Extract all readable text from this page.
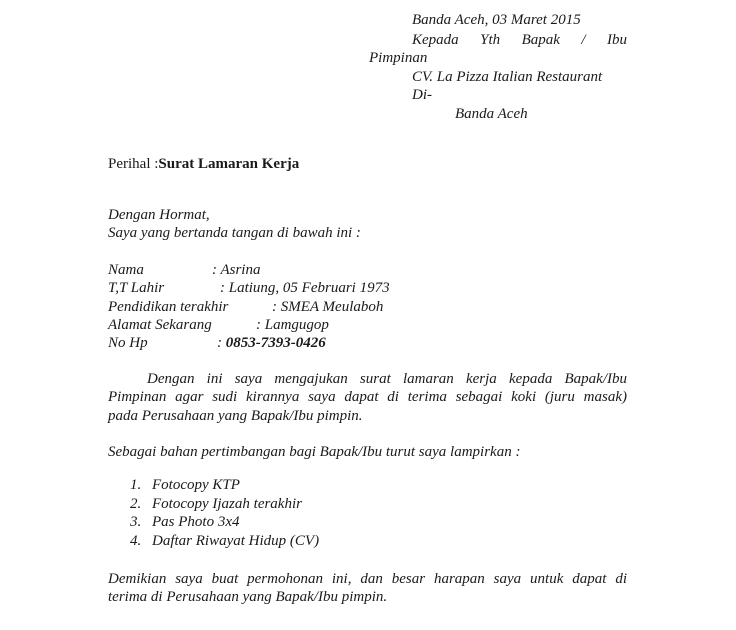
Banda Aceh, 03 Maret 2015
Kepada Yth Bapak / Ibu
Pimpinan
CV. La Pizza Italian Restaurant
Di-
Banda Aceh
Perihal :Surat Lamaran Kerja
Dengan Hormat,
Saya yang bertanda tangan di bawah ini :
Nama	: Asrina
T,T Lahir	: Latiung, 05 Februari 1973
Pendidikan terakhir	: SMEA Meulaboh
Alamat Sekarang	: Lamgugop
No Hp	: 0853-7393-0426
Dengan ini saya mengajukan surat lamaran kerja kepada Bapak/Ibu
Pimpinan agar sudi kirannya saya dapat di terima sebagai koki (juru masak)
pada Perusahaan yang Bapak/Ibu pimpin.
Sebagai bahan pertimbangan bagi Bapak/Ibu turut saya lampirkan :
1. Fotocopy KTP
2. Fotocopy Ijazah terakhir
3. Pas Photo 3x4
4. Daftar Riwayat Hidup (CV)
Demikian saya buat permohonan ini, dan besar harapan saya untuk dapat di
terima di Perusahaan yang Bapak/Ibu pimpin.
